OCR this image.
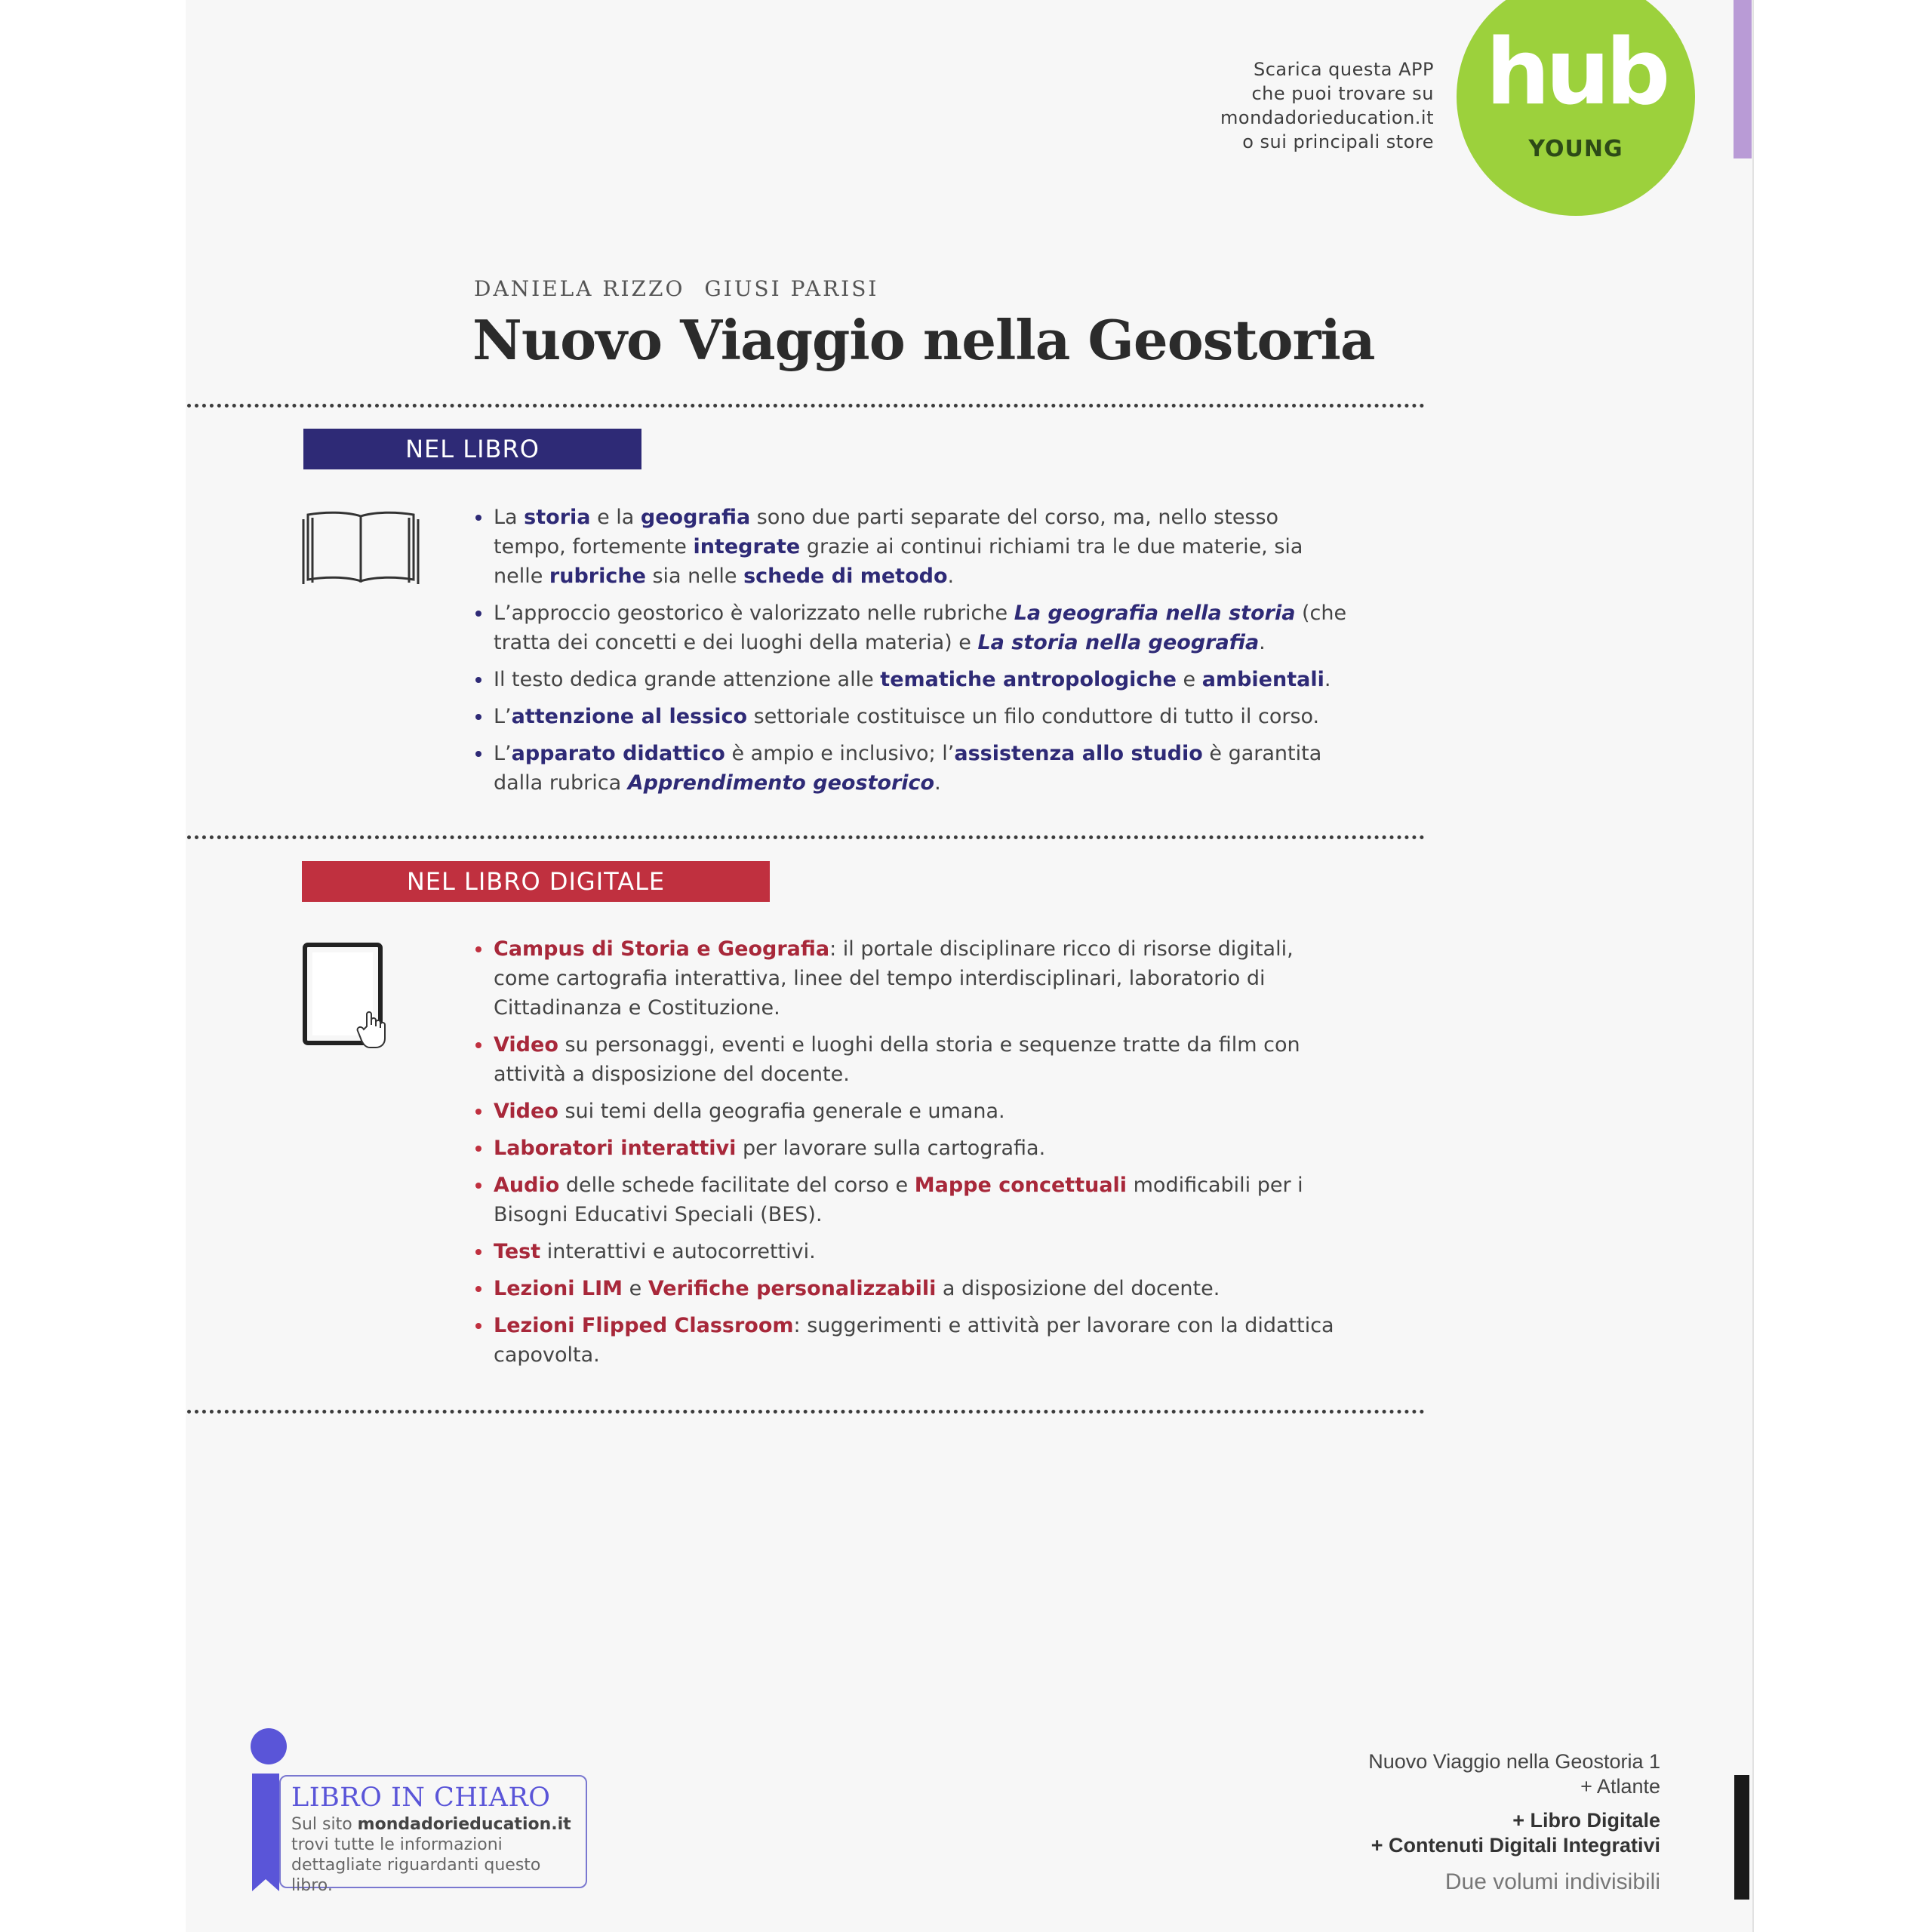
Scarica questa APP
che puoi trovare su
mondadorieducation.it
o sui principali store
hub
YOUNG
DANIELA RIZZO GIUSI PARISI
Nuovo Viaggio nella Geostoria
NEL LIBRO
La storia e la geografia sono due parti separate del corso, ma, nello stesso tempo, fortemente integrate grazie ai continui richiami tra le due materie, sia nelle rubriche sia nelle schede di metodo.
L’approccio geostorico è valorizzato nelle rubriche La geografia nella storia (che tratta dei concetti e dei luoghi della materia) e La storia nella geografia.
Il testo dedica grande attenzione alle tematiche antropologiche e ambientali.
L’attenzione al lessico settoriale costituisce un filo conduttore di tutto il corso.
L’apparato didattico è ampio e inclusivo; l’assistenza allo studio è garantita dalla rubrica Apprendimento geostorico.
NEL LIBRO DIGITALE
Campus di Storia e Geografia: il portale disciplinare ricco di risorse digitali, come cartografia interattiva, linee del tempo interdisciplinari, laboratorio di Cittadinanza e Costituzione.
Video su personaggi, eventi e luoghi della storia e sequenze tratte da film con attività a disposizione del docente.
Video sui temi della geografia generale e umana.
Laboratori interattivi per lavorare sulla cartografia.
Audio delle schede facilitate del corso e Mappe concettuali modificabili per i Bisogni Educativi Speciali (BES).
Test interattivi e autocorrettivi.
Lezioni LIM e Verifiche personalizzabili a disposizione del docente.
Lezioni Flipped Classroom: suggerimenti e attività per lavorare con la didattica capovolta.
LIBRO IN CHIARO
Sul sito mondadorieducation.it trovi tutte le informazioni dettagliate riguardanti questo libro.
Nuovo Viaggio nella Geostoria 1
+ Atlante
+ Libro Digitale
+ Contenuti Digitali Integrativi
Due volumi indivisibili
